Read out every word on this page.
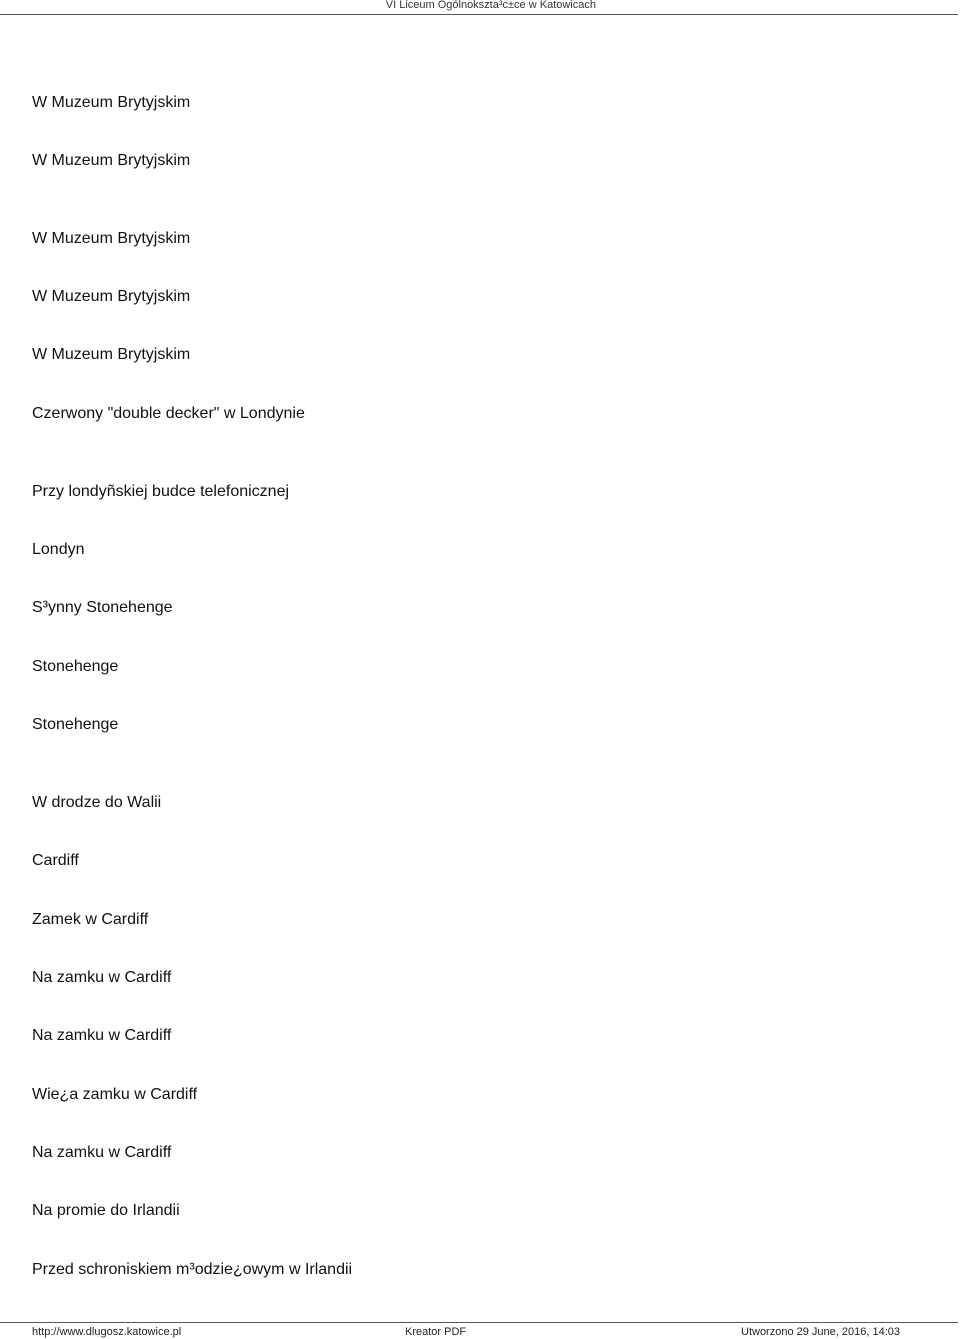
VI Liceum Ogólnokszta³c±ce w Katowicach
W Muzeum Brytyjskim
W Muzeum Brytyjskim
W Muzeum Brytyjskim
W Muzeum Brytyjskim
W Muzeum Brytyjskim
Czerwony "double decker" w Londynie
Przy londyñskiej budce telefonicznej
Londyn
S³ynny Stonehenge
Stonehenge
Stonehenge
W drodze do Walii
Cardiff
Zamek w Cardiff
Na zamku w Cardiff
Na zamku w Cardiff
Wie¿a zamku w Cardiff
Na zamku w Cardiff
Na promie do Irlandii
Przed schroniskiem m³odzie¿owym w Irlandii
http://www.dlugosz.katowice.pl	Kreator PDF	Utworzono 29 June, 2016, 14:03
